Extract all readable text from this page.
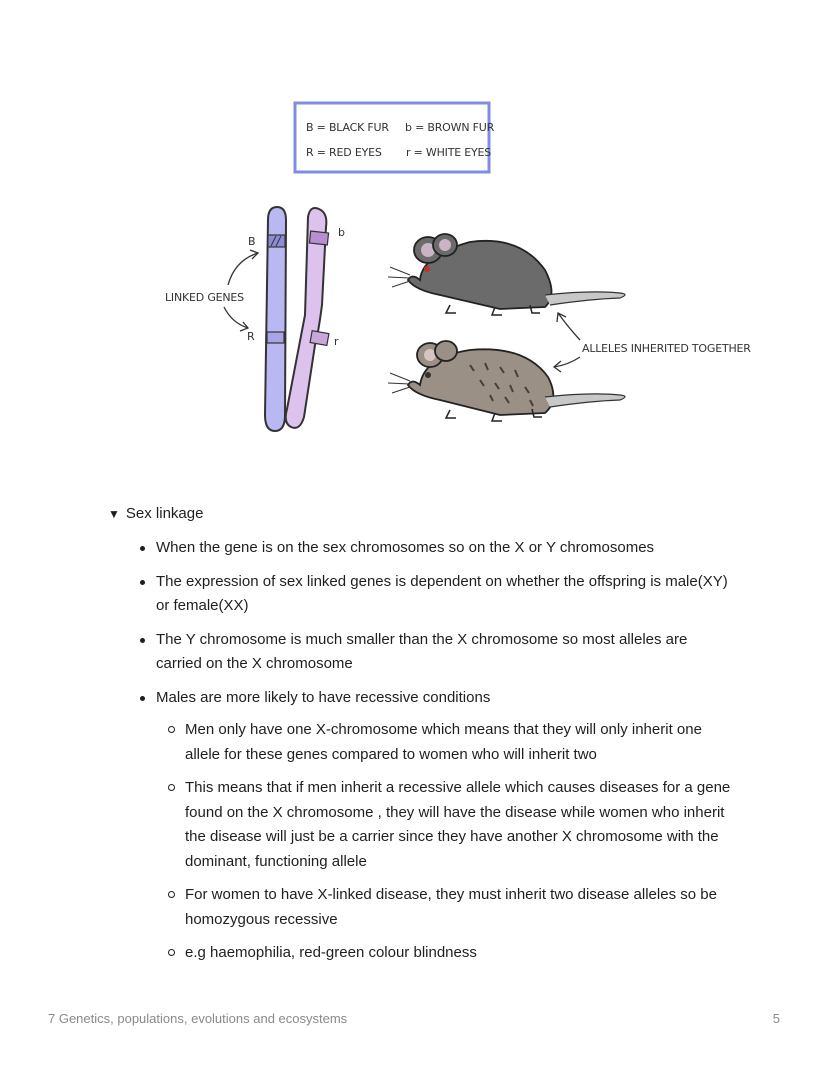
B = BLACK FUR b = BROWN FUR
R = RED EYES r = WHITE EYES
B
R
b
r
LINKED GENES
ALLELES INHERITED TOGETHER
▼ Sex linkage
When the gene is on the sex chromosomes so on the X or Y chromosomes
The expression of sex linked genes is dependent on whether the offspring is male(XY) or female(XX)
The Y chromosome is much smaller than the X chromosome so most alleles are carried on the X chromosome
Males are more likely to have recessive conditions
Men only have one X-chromosome which means that they will only inherit one allele for these genes compared to women who will inherit two
This means that if men inherit a recessive allele which causes diseases for a gene found on the X chromosome , they will have the disease while women who inherit the disease will just be a carrier since they have another X chromosome with the dominant, functioning allele
For women to have X-linked disease, they must inherit two disease alleles so be homozygous recessive
e.g haemophilia, red-green colour blindness
7 Genetics, populations, evolutions and ecosystems	5
